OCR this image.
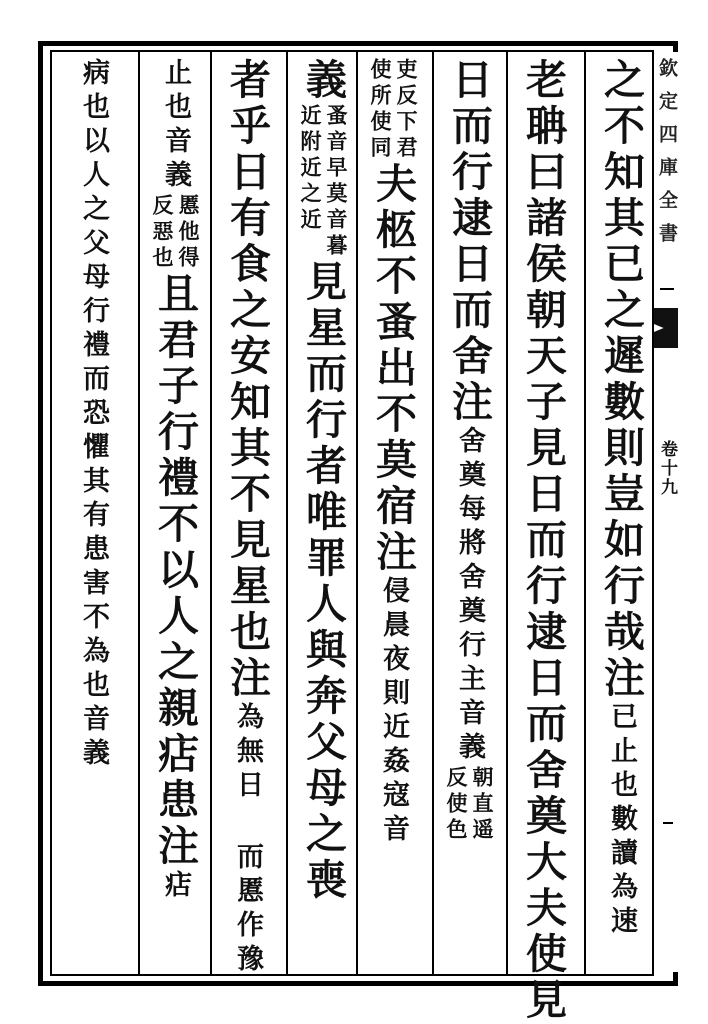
欽定四庫全書
卷十九
之不知其已之遲數則豈如行哉注
已止也數讀為速
老聃曰諸侯朝天子見日而行逮日而舍奠大夫使見
日而行逮日而舍注
舍奠每將舍奠行主音義
反使色 朝直遥
使所使同 吏反下君
夫柩不蚤出不莫宿注
侵晨夜則近姦寇音
義
近附近之近 蚤音早莫音暮
見星而行者唯罪人與奔父母之喪
者乎日有食之安知其不見星也注
為無日 而慝作豫
止也音義
反惡也 慝他得
且君子行禮不以人之親痁患注
痁
病也以人之父母行禮而恐懼其有患害不為也音義
